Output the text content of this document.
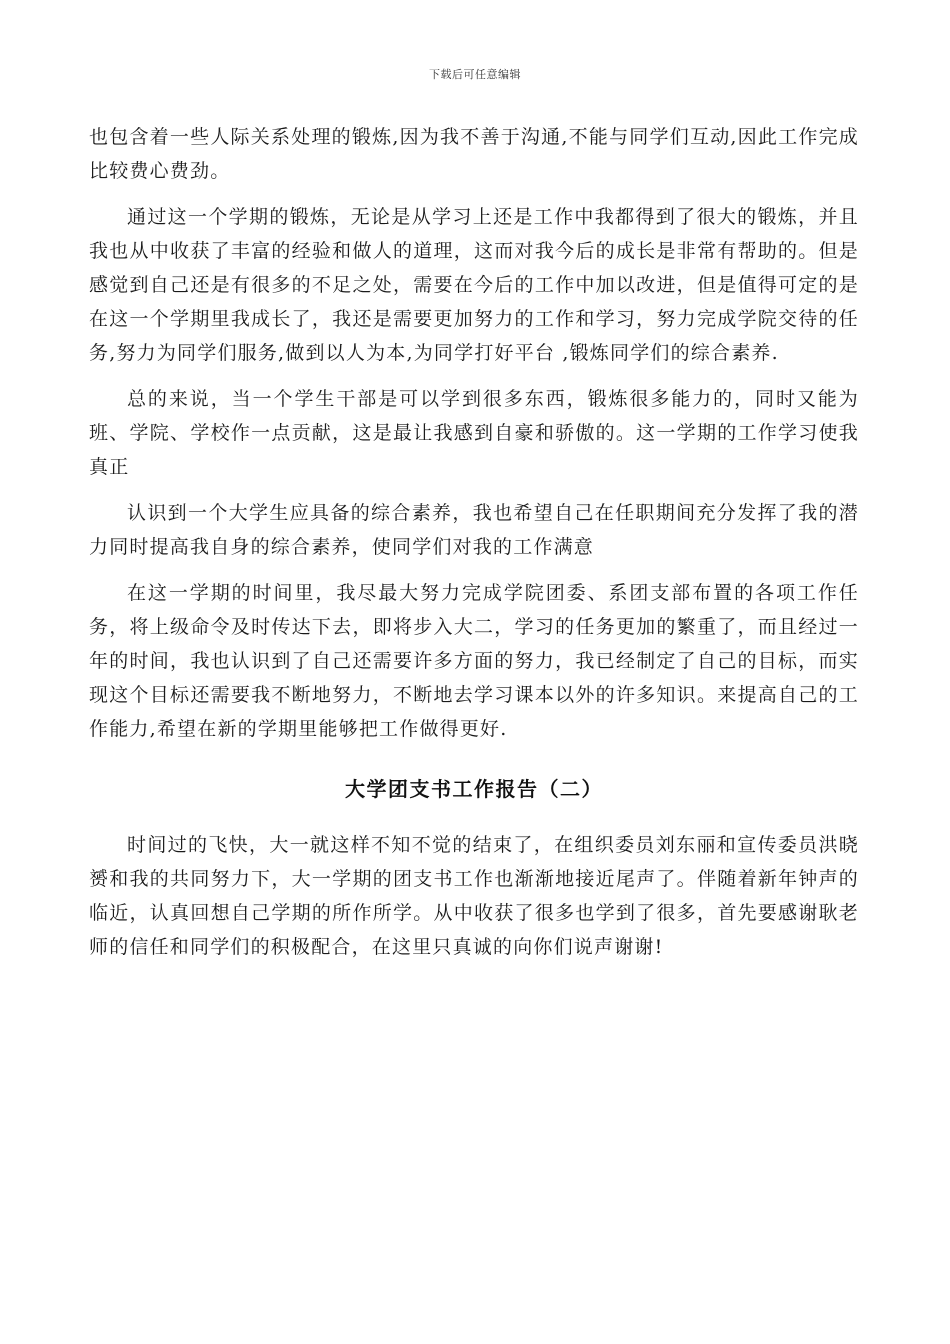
下载后可任意编辑

也包含着一些人际关系处理的锻炼,因为我不善于沟通,不能与同学们互动,因此工作完成比较费心费劲。

通过这一个学期的锻炼，无论是从学习上还是工作中我都得到了很大的锻炼，并且我也从中收获了丰富的经验和做人的道理，这而对我今后的成长是非常有帮助的。但是感觉到自己还是有很多的不足之处，需要在今后的工作中加以改进，但是值得可定的是在这一个学期里我成长了，我还是需要更加努力的工作和学习，努力完成学院交待的任务,努力为同学们服务,做到以人为本,为同学打好平台 ,锻炼同学们的综合素养.

总的来说，当一个学生干部是可以学到很多东西，锻炼很多能力的，同时又能为班、学院、学校作一点贡献，这是最让我感到自豪和骄傲的。这一学期的工作学习使我真正

认识到一个大学生应具备的综合素养，我也希望自己在任职期间充分发挥了我的潜力同时提高我自身的综合素养，使同学们对我的工作满意

在这一学期的时间里，我尽最大努力完成学院团委、系团支部布置的各项工作任务，将上级命令及时传达下去，即将步入大二，学习的任务更加的繁重了，而且经过一年的时间，我也认识到了自己还需要许多方面的努力，我已经制定了自己的目标，而实现这个目标还需要我不断地努力，不断地去学习课本以外的许多知识。来提高自己的工作能力,希望在新的学期里能够把工作做得更好.

大学团支书工作报告（二）

时间过的飞快，大一就这样不知不觉的结束了，在组织委员刘东丽和宣传委员洪晓赟和我的共同努力下，大一学期的团支书工作也渐渐地接近尾声了。伴随着新年钟声的临近，认真回想自己学期的所作所学。从中收获了很多也学到了很多，首先要感谢耿老师的信任和同学们的积极配合，在这里只真诚的向你们说声谢谢!
